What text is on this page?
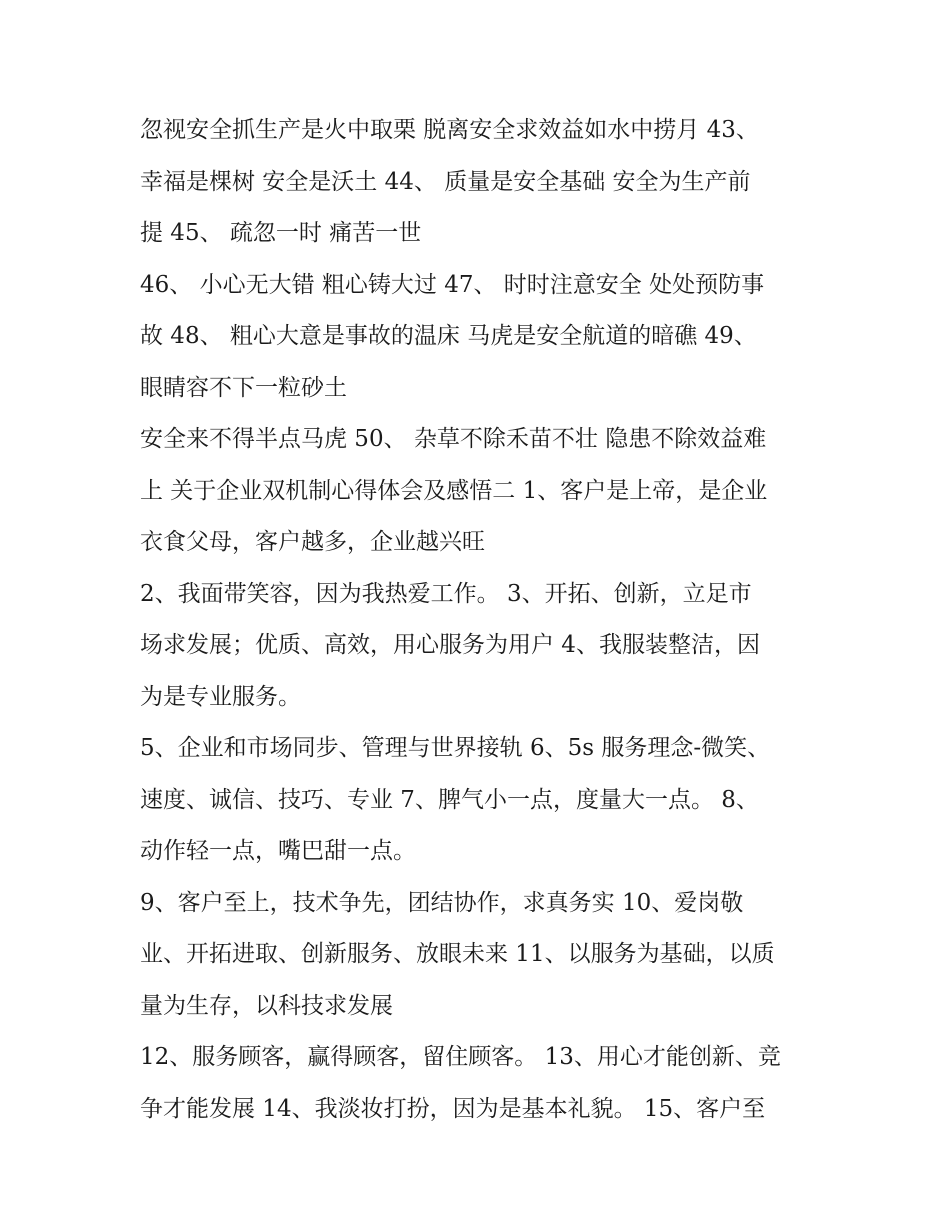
忽视安全抓生产是火中取栗 脱离安全求效益如水中捞月 43、
幸福是棵树 安全是沃土 44、 质量是安全基础 安全为生产前
提 45、 疏忽一时 痛苦一世

46、 小心无大错 粗心铸大过 47、 时时注意安全 处处预防事
故 48、 粗心大意是事故的温床 马虎是安全航道的暗礁 49、
眼睛容不下一粒砂土

安全来不得半点马虎 50、 杂草不除禾苗不壮 隐患不除效益难
上 关于企业双机制心得体会及感悟二 1、客户是上帝，是企业
衣食父母，客户越多，企业越兴旺

2、我面带笑容，因为我热爱工作。 3、开拓、创新，立足市
场求发展；优质、高效，用心服务为用户 4、我服装整洁，因
为是专业服务。

5、企业和市场同步、管理与世界接轨 6、5s 服务理念-微笑、
速度、诚信、技巧、专业 7、脾气小一点，度量大一点。 8、
动作轻一点，嘴巴甜一点。

9、客户至上，技术争先，团结协作，求真务实 10、爱岗敬
业、开拓进取、创新服务、放眼未来 11、以服务为基础，以质
量为生存，以科技求发展

12、服务顾客，赢得顾客，留住顾客。 13、用心才能创新、竞
争才能发展 14、我淡妆打扮，因为是基本礼貌。 15、客户至
